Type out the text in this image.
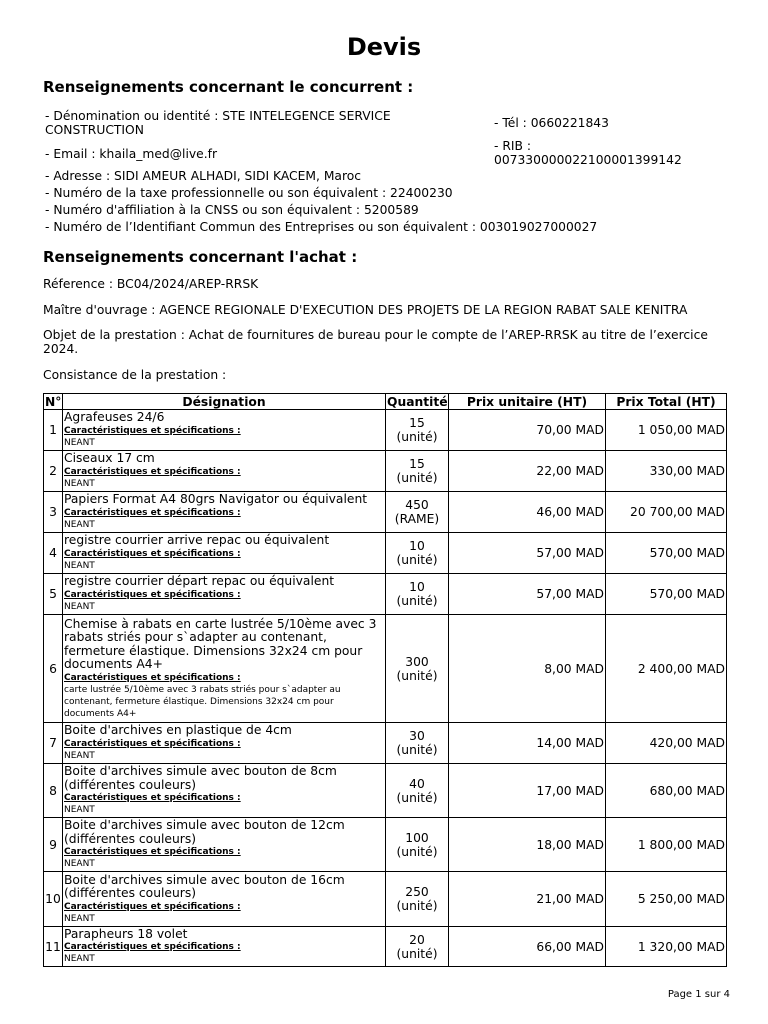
Devis
Renseignements concernant le concurrent :
- Dénomination ou identité : STE INTELEGENCE SERVICE CONSTRUCTION	- Tél : 0660221843
- Email : khaila_med@live.fr
- RIB :
007330000022100001399142
- Adresse : SIDI AMEUR ALHADI, SIDI KACEM, Maroc
- Numéro de la taxe professionnelle ou son équivalent : 22400230
- Numéro d'affiliation à la CNSS ou son équivalent : 5200589
- Numéro de l’Identifiant Commun des Entreprises ou son équivalent : 003019027000027
Renseignements concernant l'achat :
Réference : BC04/2024/AREP-RRSK
Maître d'ouvrage : AGENCE REGIONALE D'EXECUTION DES PROJETS DE LA REGION RABAT SALE KENITRA
Objet de la prestation : Achat de fournitures de bureau pour le compte de l’AREP-RRSK au titre de l’exercice 2024.
Consistance de la prestation :
N°	Désignation	Quantité	Prix unitaire (HT)	Prix Total (HT)
1	Agrafeuses 24/6
Caractéristiques et spécifications :
NEANT	15 (unité)	70,00 MAD	1 050,00 MAD
2	Ciseaux 17 cm
Caractéristiques et spécifications :
NEANT	15 (unité)	22,00 MAD	330,00 MAD
3	Papiers Format A4 80grs Navigator ou équivalent
Caractéristiques et spécifications :
NEANT	450 (RAME)	46,00 MAD	20 700,00 MAD
4	registre courrier arrive repac ou équivalent
Caractéristiques et spécifications :
NEANT	10 (unité)	57,00 MAD	570,00 MAD
5	registre courrier départ repac ou équivalent
Caractéristiques et spécifications :
NEANT	10 (unité)	57,00 MAD	570,00 MAD
6	Chemise à rabats en carte lustrée 5/10ème avec 3 rabats striés pour s`adapter au contenant, fermeture élastique. Dimensions 32x24 cm pour documents A4+
Caractéristiques et spécifications :
carte lustrée 5/10ème avec 3 rabats striés pour s`adapter au contenant, fermeture élastique. Dimensions 32x24 cm pour documents A4+	300 (unité)	8,00 MAD	2 400,00 MAD
7	Boite d'archives en plastique de 4cm
Caractéristiques et spécifications :
NEANT	30 (unité)	14,00 MAD	420,00 MAD
8	Boite d'archives simule avec bouton de 8cm (différentes couleurs)
Caractéristiques et spécifications :
NEANT	40 (unité)	17,00 MAD	680,00 MAD
9	Boite d'archives simule avec bouton de 12cm (différentes couleurs)
Caractéristiques et spécifications :
NEANT	100 (unité)	18,00 MAD	1 800,00 MAD
10	Boite d'archives simule avec bouton de 16cm (différentes couleurs)
Caractéristiques et spécifications :
NEANT	250 (unité)	21,00 MAD	5 250,00 MAD
11	Parapheurs 18 volet
Caractéristiques et spécifications :
NEANT	20 (unité)	66,00 MAD	1 320,00 MAD
Page 1 sur 4
